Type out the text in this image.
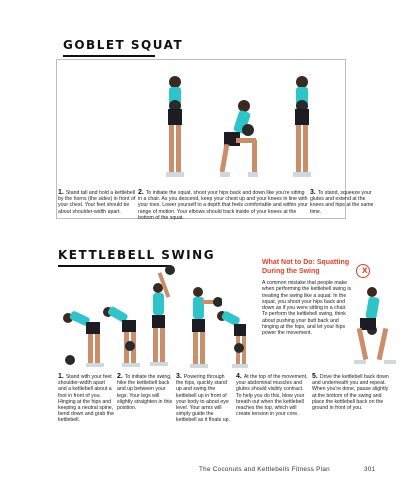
GOBLET SQUAT
1. Stand tall and hold a kettlebell by the horns (the sides) in front of your chest. Your feet should be about shoulder-width apart.
2. To initiate the squat, shoot your hips back and down like you're sitting in a chair. As you descend, keep your chest up and your knees in line with your toes. Lower yourself to a depth that feels comfortable and within your range of motion. Your elbows should track inside of your knees at the bottom of the squat.
3. To stand, squeeze your glutes and extend at the knees and hips at the same time.
KETTLEBELL SWING
What Not to Do: Squatting During the Swing
A common mistake that people make when performing the kettlebell swing is treating the swing like a squat. In the squat, you shoot your hips back and down as if you were sitting in a chair. To perform the kettlebell swing, think about pushing your butt back and hinging at the hips, and let your hips power the movement.
x
1. Stand with your feet shoulder-width apart and a kettlebell about a foot in front of you. Hinging at the hips and keeping a neutral spine, bend down and grab the kettlebell.
2. To initiate the swing, hike the kettlebell back and up between your legs. Your legs will slightly straighten in this position.
3. Powering through the hips, quickly stand up and swing the kettlebell up in front of your body to about eye level. Your arms will simply guide the kettlebell as it floats up.
4. At the top of the movement, your abdominal muscles and glutes should visibly contract. To help you do this, blow your breath out when the kettlebell reaches the top, which will create tension in your core.
5. Drive the kettlebell back down and underneath you and repeat. When you're done, pause slightly at the bottom of the swing and place the kettlebell back on the ground in front of you.
The Coconuts and Kettlebells Fitness Plan	301
